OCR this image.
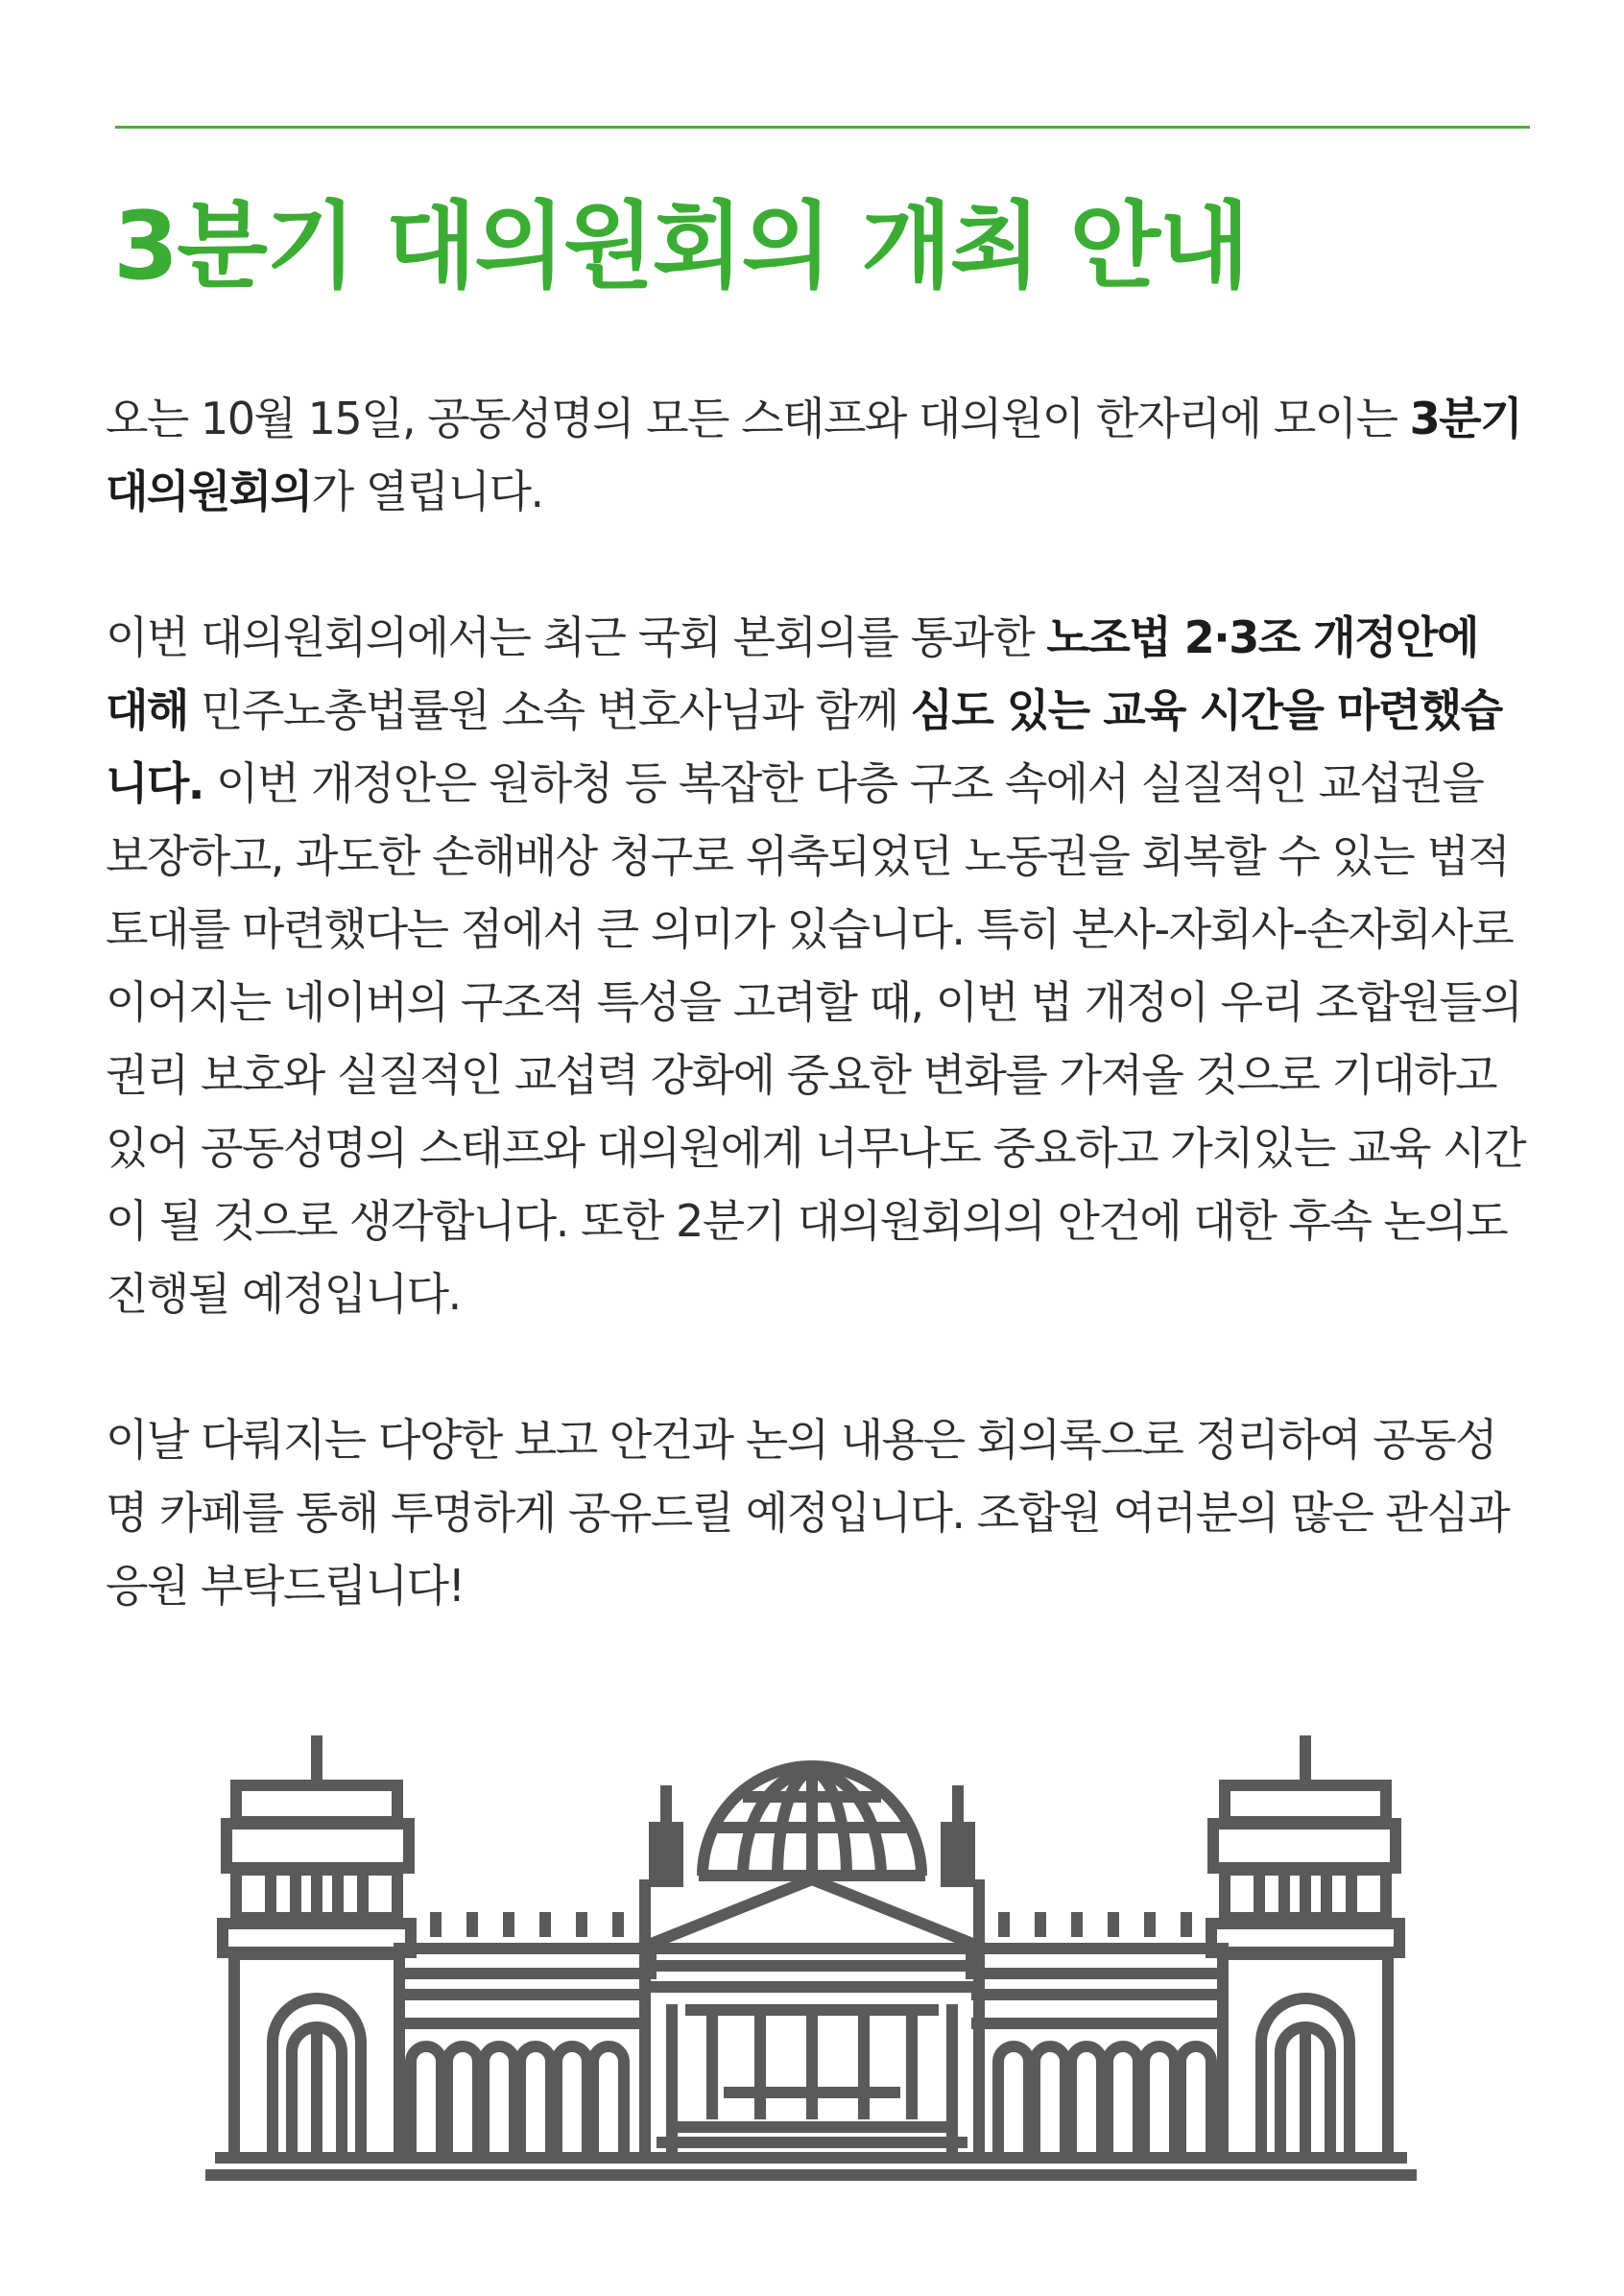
3분기 대의원회의 개최 안내

오는 10월 15일, 공동성명의 모든 스태프와 대의원이 한자리에 모이는 3분기 대의원회의가 열립니다.

이번 대의원회의에서는 최근 국회 본회의를 통과한 노조법 2·3조 개정안에 대해 민주노총법률원 소속 변호사님과 함께 심도 있는 교육 시간을 마련했습니다. 이번 개정안은 원하청 등 복잡한 다층 구조 속에서 실질적인 교섭권을 보장하고, 과도한 손해배상 청구로 위축되었던 노동권을 회복할 수 있는 법적 토대를 마련했다는 점에서 큰 의미가 있습니다. 특히 본사-자회사-손자회사로 이어지는 네이버의 구조적 특성을 고려할 때, 이번 법 개정이 우리 조합원들의 권리 보호와 실질적인 교섭력 강화에 중요한 변화를 가져올 것으로 기대하고 있어 공동성명의 스태프와 대의원에게 너무나도 중요하고 가치있는 교육 시간이 될 것으로 생각합니다. 또한 2분기 대의원회의의 안건에 대한 후속 논의도 진행될 예정입니다.

이날 다뤄지는 다양한 보고 안건과 논의 내용은 회의록으로 정리하여 공동성명 카페를 통해 투명하게 공유드릴 예정입니다. 조합원 여러분의 많은 관심과 응원 부탁드립니다!
